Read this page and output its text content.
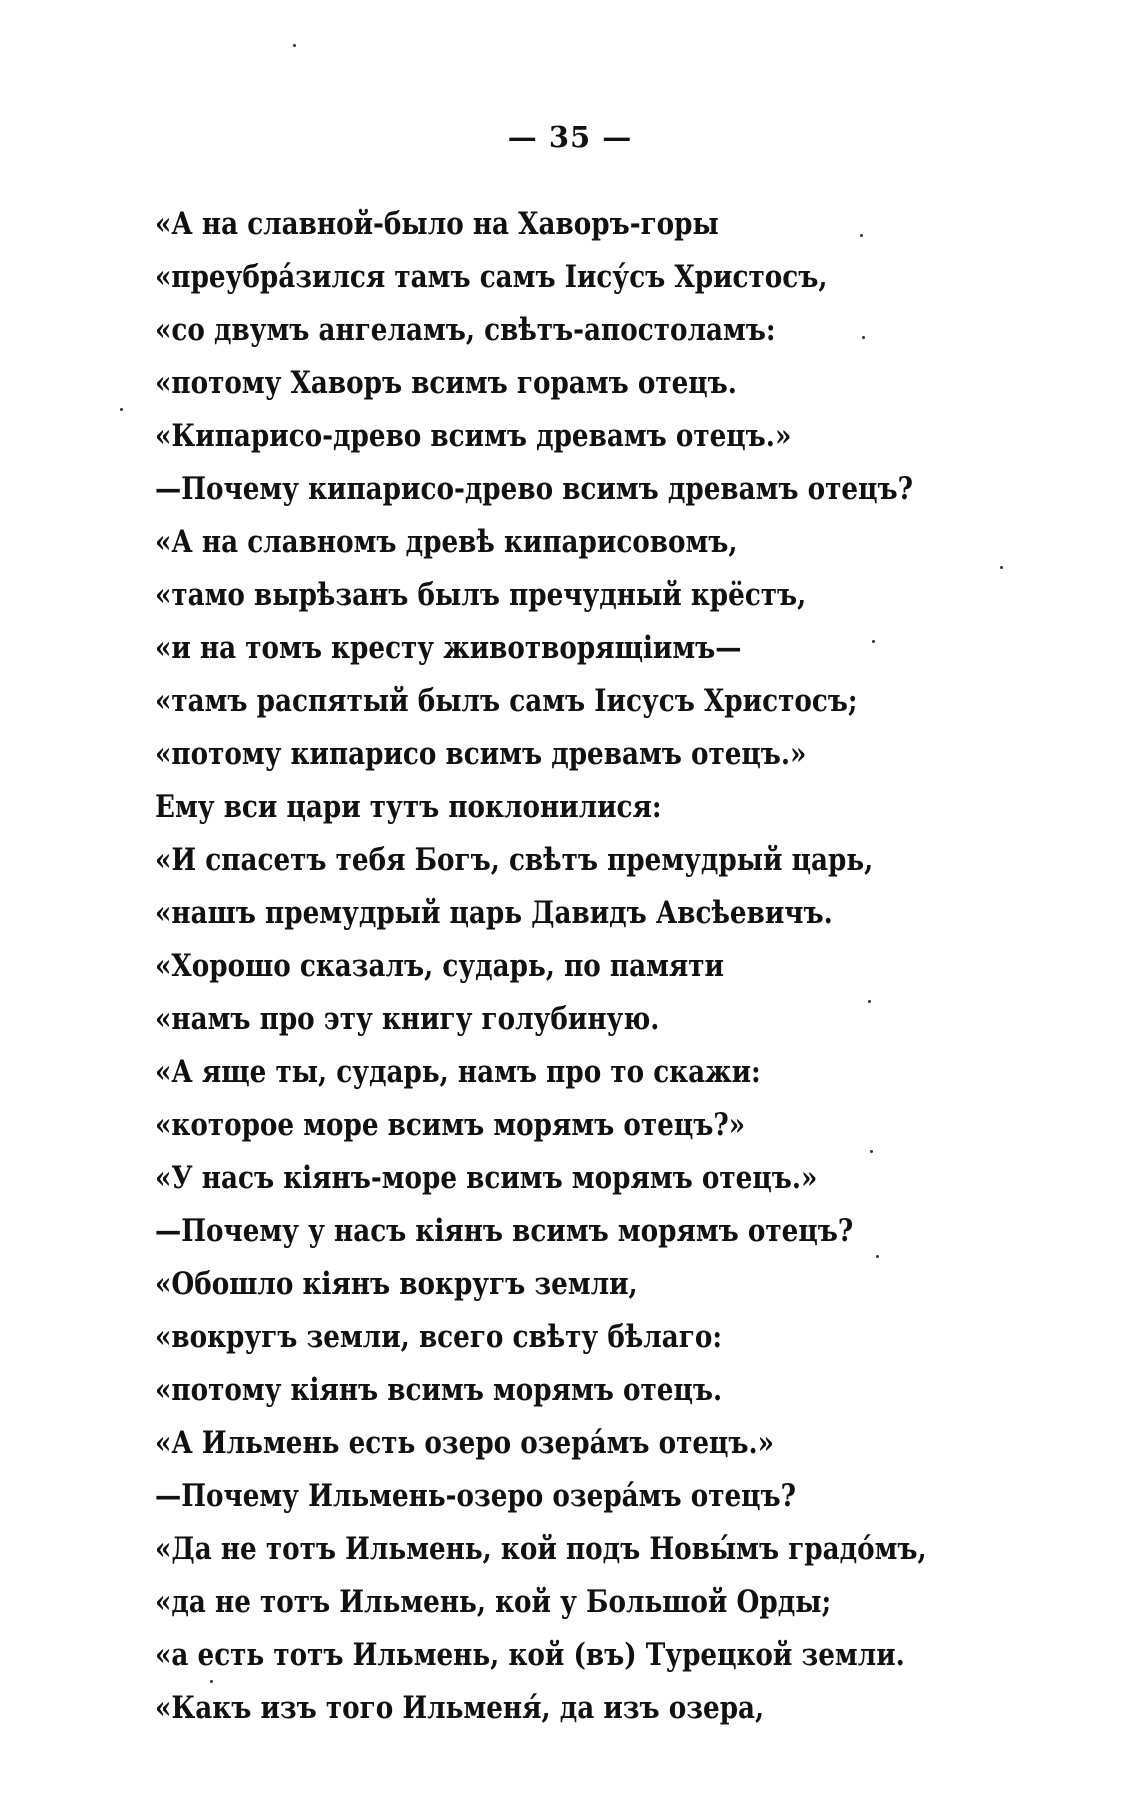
— 35 —
«А на славной-было на Хаворъ-горы
«преубрáзился тамъ самъ Іису́съ Христосъ,
«со двумъ ангеламъ, свѣтъ-апостоламъ:
«потому Хаворъ всимъ горамъ отецъ.
«Кипарисо-древо всимъ древамъ отецъ.»
—Почему кипарисо-древо всимъ древамъ отецъ?
«А на славномъ древѣ кипарисовомъ,
«тамо вырѣзанъ былъ пречудный крёстъ,
«и на томъ кресту животворящіимъ—
«тамъ распятый былъ самъ Іисусъ Христосъ;
«потому кипарисо всимъ древамъ отецъ.»
Ему вси цари тутъ поклонилися:
«И спасетъ тебя Богъ, свѣтъ премудрый царь,
«нашъ премудрый царь Давидъ Авсѣевичъ.
«Хорошо сказалъ, сударь, по памяти
«намъ про эту книгу голубиную.
«А яще ты, сударь, намъ про то скажи:
«которое море всимъ морямъ отецъ?»
«У насъ кіянъ-море всимъ морямъ отецъ.»
—Почему у насъ кіянъ всимъ морямъ отецъ?
«Обошло кіянъ вокругъ земли,
«вокругъ земли, всего свѣту бѣлаго:
«потому кіянъ всимъ морямъ отецъ.
«А Ильмень есть озеро озерáмъ отецъ.»
—Почему Ильмень-озеро озерáмъ отецъ?
«Да не тотъ Ильмень, кой подъ Новы́мъ градóмъ,
«да не тотъ Ильмень, кой у Большой Орды;
«а есть тотъ Ильмень, кой (въ) Турецкой земли.
«Какъ изъ того Ильменя́, да изъ озера,
